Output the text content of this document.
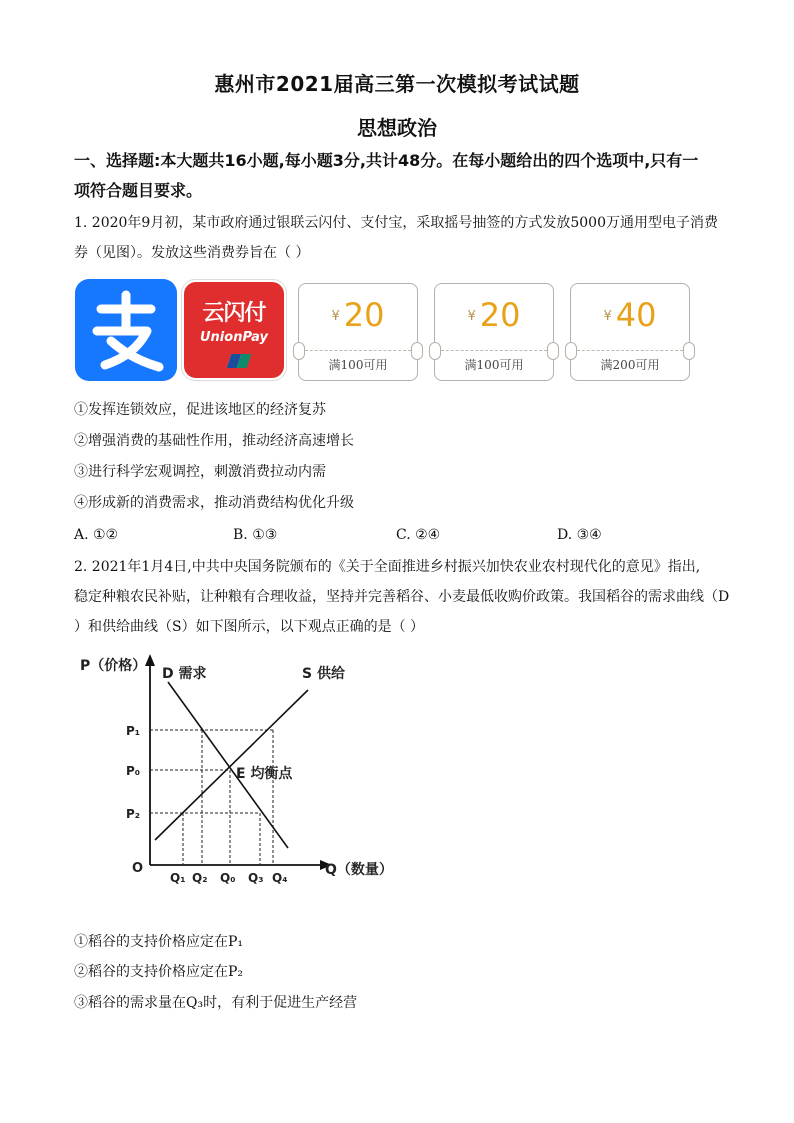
惠州市2021届高三第一次模拟考试试题
思想政治
一、选择题:本大题共16小题,每小题3分,共计48分。在每小题给出的四个选项中,只有一
项符合题目要求。
1. 2020年9月初，某市政府通过银联云闪付、支付宝，采取摇号抽签的方式发放5000万通用型电子消费
券（见图）。发放这些消费券旨在（ ）
云闪付
UnionPay
¥ 20
满100可用
¥ 20
满100可用
¥ 40
满200可用
①发挥连锁效应，促进该地区的经济复苏
②增强消费的基础性作用，推动经济高速增长
③进行科学宏观调控，刺激消费拉动内需
④形成新的消费需求，推动消费结构优化升级
A. ①②	B. ①③	C. ②④	D. ③④
2. 2021年1月4日,中共中央国务院颁布的《关于全面推进乡村振兴加快农业农村现代化的意见》指出,
稳定种粮农民补贴，让种粮有合理收益，坚持并完善稻谷、小麦最低收购价政策。我国稻谷的需求曲线（D
）和供给曲线（S）如下图所示，以下观点正确的是（ ）
P（价格）
Q（数量）
O
D 需求	S 供给
E 均衡点
P₁
P₀
P₂
Q₁ Q₂ Q₀ Q₃ Q₄
①稻谷的支持价格应定在P₁
②稻谷的支持价格应定在P₂
③稻谷的需求量在Q₃时，有利于促进生产经营
